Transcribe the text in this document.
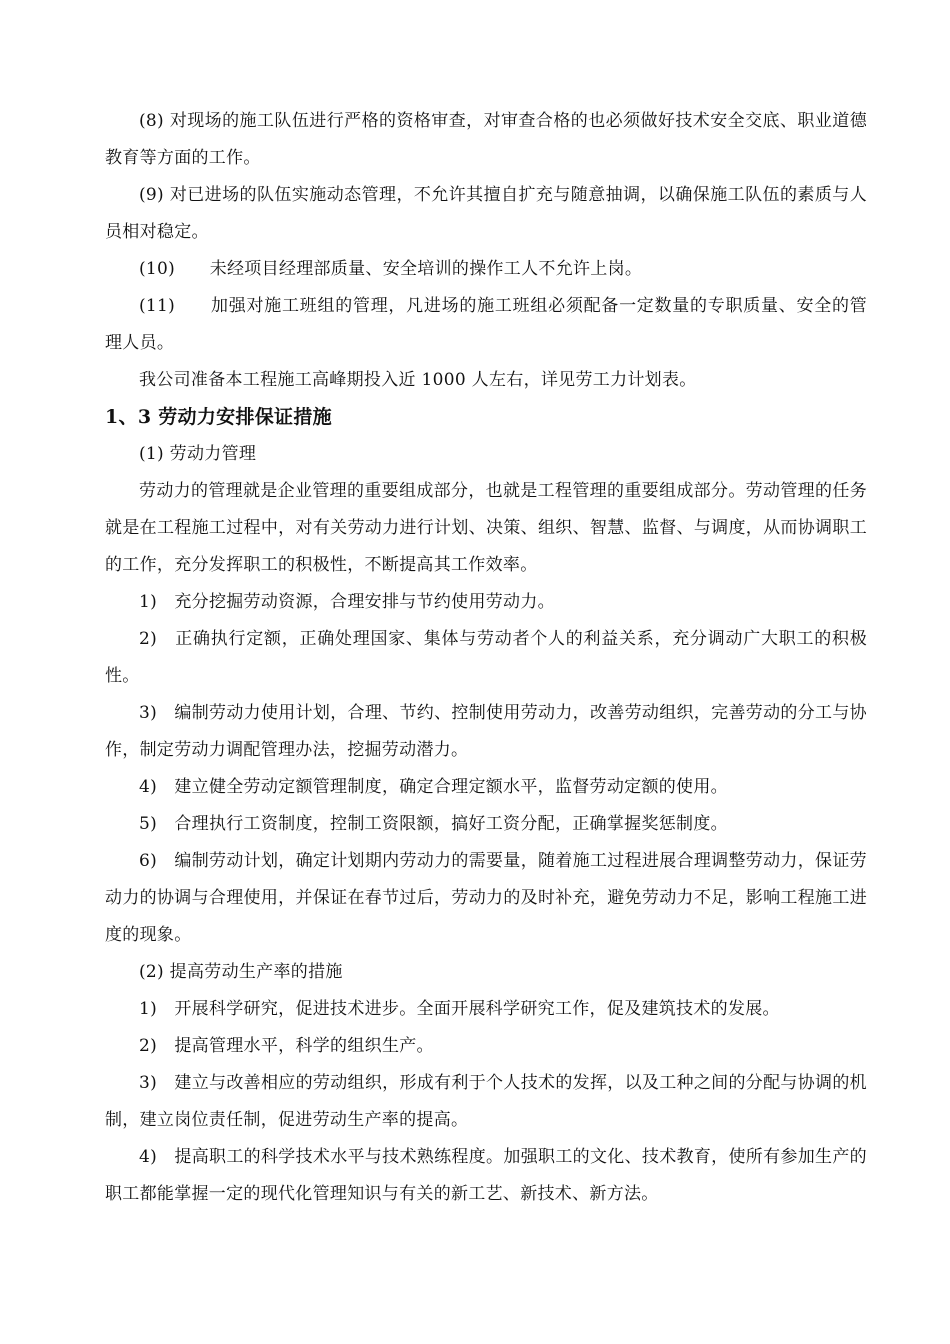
(8) 对现场的施工队伍进行严格的资格审查，对审查合格的也必须做好技术安全交底、职业道德教育等方面的工作。

(9) 对已进场的队伍实施动态管理，不允许其擅自扩充与随意抽调，以确保施工队伍的素质与人员相对稳定。

(10)　　未经项目经理部质量、安全培训的操作工人不允许上岗。

(11)　　加强对施工班组的管理，凡进场的施工班组必须配备一定数量的专职质量、安全的管理人员。

我公司准备本工程施工高峰期投入近 1000 人左右，详见劳工力计划表。

1、3 劳动力安排保证措施

(1) 劳动力管理

劳动力的管理就是企业管理的重要组成部分，也就是工程管理的重要组成部分。劳动管理的任务就是在工程施工过程中，对有关劳动力进行计划、决策、组织、智慧、监督、与调度，从而协调职工的工作，充分发挥职工的积极性，不断提高其工作效率。

1)　充分挖掘劳动资源，合理安排与节约使用劳动力。

2)　正确执行定额，正确处理国家、集体与劳动者个人的利益关系，充分调动广大职工的积极性。

3)　编制劳动力使用计划，合理、节约、控制使用劳动力，改善劳动组织，完善劳动的分工与协作，制定劳动力调配管理办法，挖掘劳动潜力。

4)　建立健全劳动定额管理制度，确定合理定额水平，监督劳动定额的使用。

5)　合理执行工资制度，控制工资限额，搞好工资分配，正确掌握奖惩制度。

6)　编制劳动计划，确定计划期内劳动力的需要量，随着施工过程进展合理调整劳动力，保证劳动力的协调与合理使用，并保证在春节过后，劳动力的及时补充，避免劳动力不足，影响工程施工进度的现象。

(2) 提高劳动生产率的措施

1)　开展科学研究，促进技术进步。全面开展科学研究工作，促及建筑技术的发展。

2)　提高管理水平，科学的组织生产。

3)　建立与改善相应的劳动组织，形成有利于个人技术的发挥，以及工种之间的分配与协调的机制，建立岗位责任制，促进劳动生产率的提高。

4)　提高职工的科学技术水平与技术熟练程度。加强职工的文化、技术教育，使所有参加生产的职工都能掌握一定的现代化管理知识与有关的新工艺、新技术、新方法。
